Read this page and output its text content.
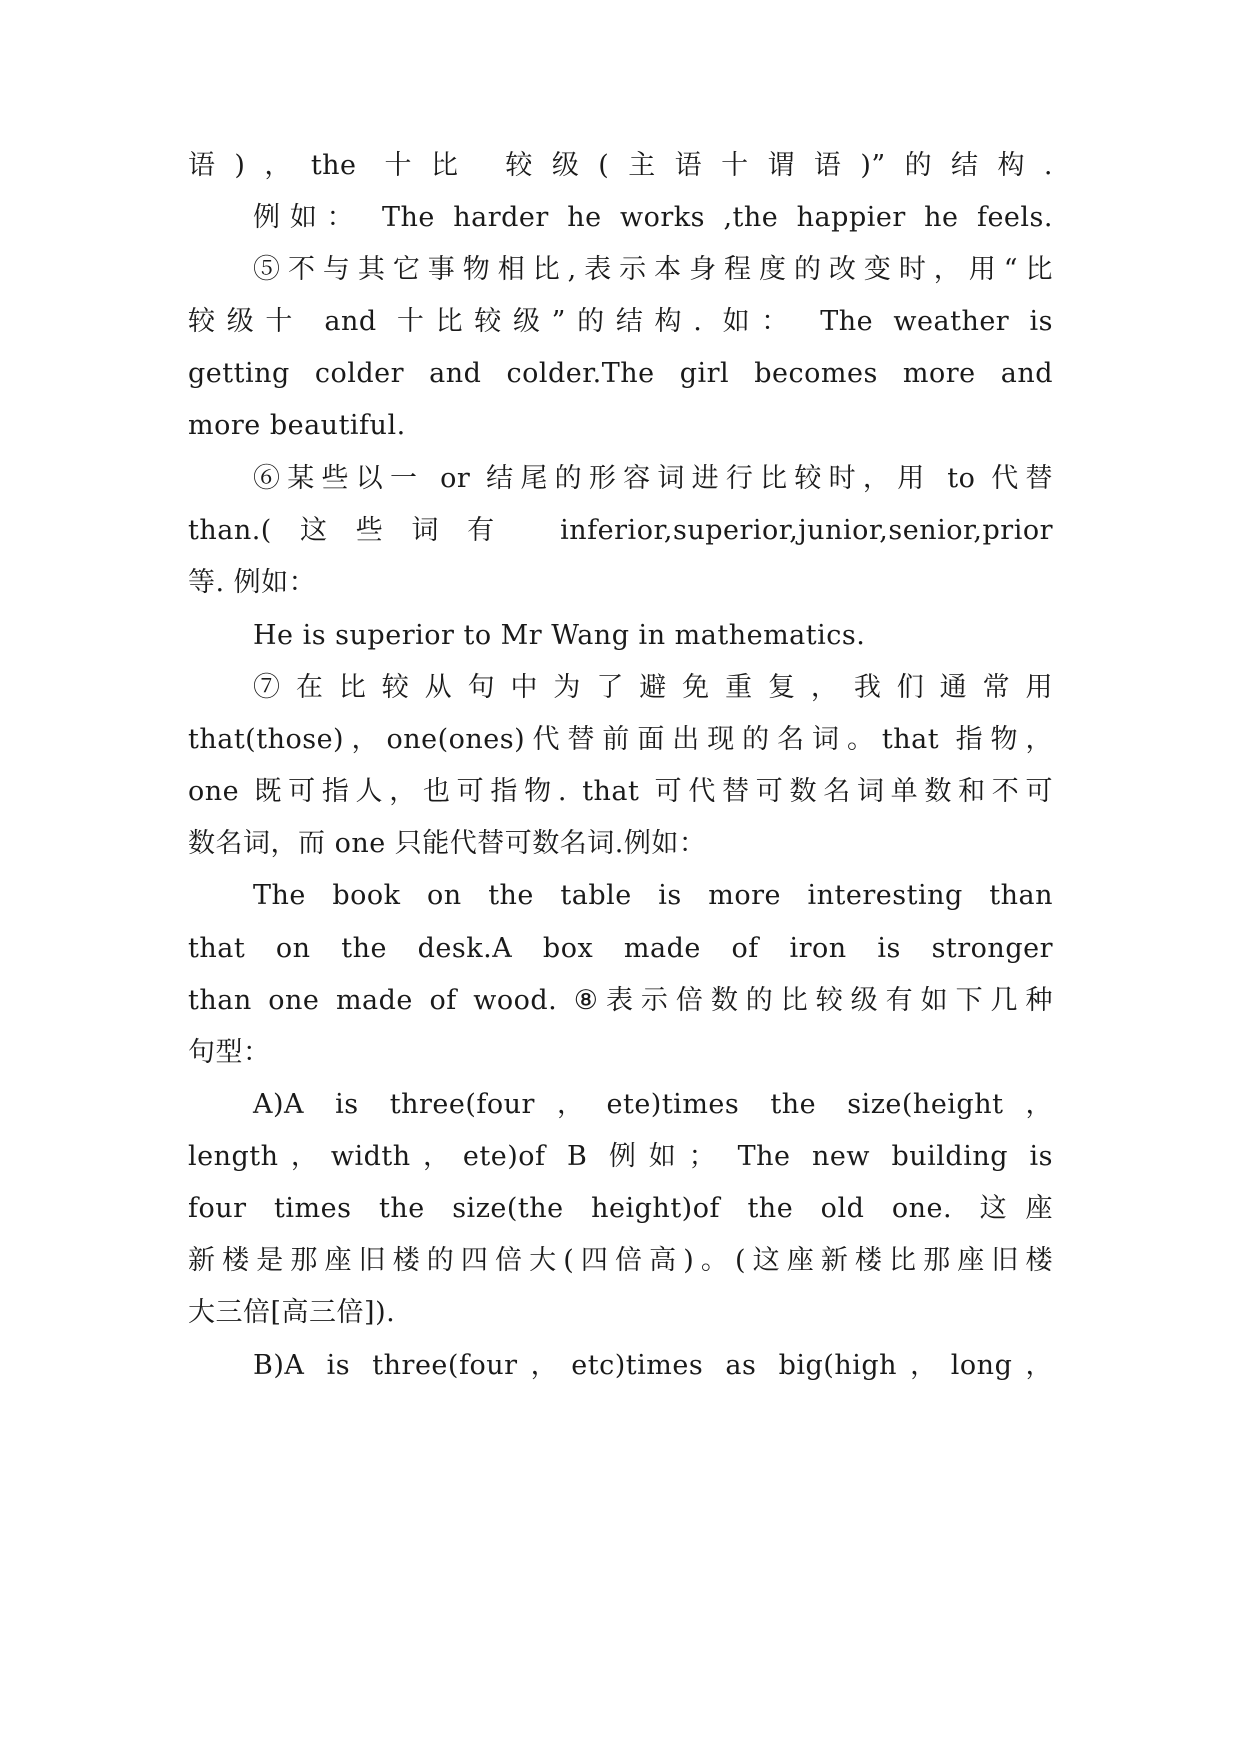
语)，the 十比 较级(主语十谓语)”的结构.
例如： The harder he works ,the happier he feels.
⑤不与其它事物相比,表示本身程度的改变时，用“比
较级十 and 十比较级”的结构. 如： The weather is
getting colder and colder.The girl becomes more and
more beautiful.
⑥某些以一 or 结尾的形容词进行比较时，用 to 代替
than.(这些词有 inferior,superior,junior,senior,prior
等. 例如：
He is superior to Mr Wang in mathematics.
⑦在比较从句中为了避免重复，我们通常用
that(those)，one(ones)代替前面出现的名词。that 指物，
one 既可指人，也可指物. that 可代替可数名词单数和不可
数名词，而 one 只能代替可数名词.例如：
The book on the table is more interesting than
that on the desk.A box made of iron is stronger
than one made of wood. ⑧表示倍数的比较级有如下几种
句型：
A)A is three(four，ete)times the size(height，
length，width，ete)of B 例如； The new building is
four times the size(the height)of the old one. 这座
新楼是那座旧楼的四倍大(四倍高)。(这座新楼比那座旧楼
大三倍[高三倍]).
B)A is three(four，etc)times as big(high，long，
